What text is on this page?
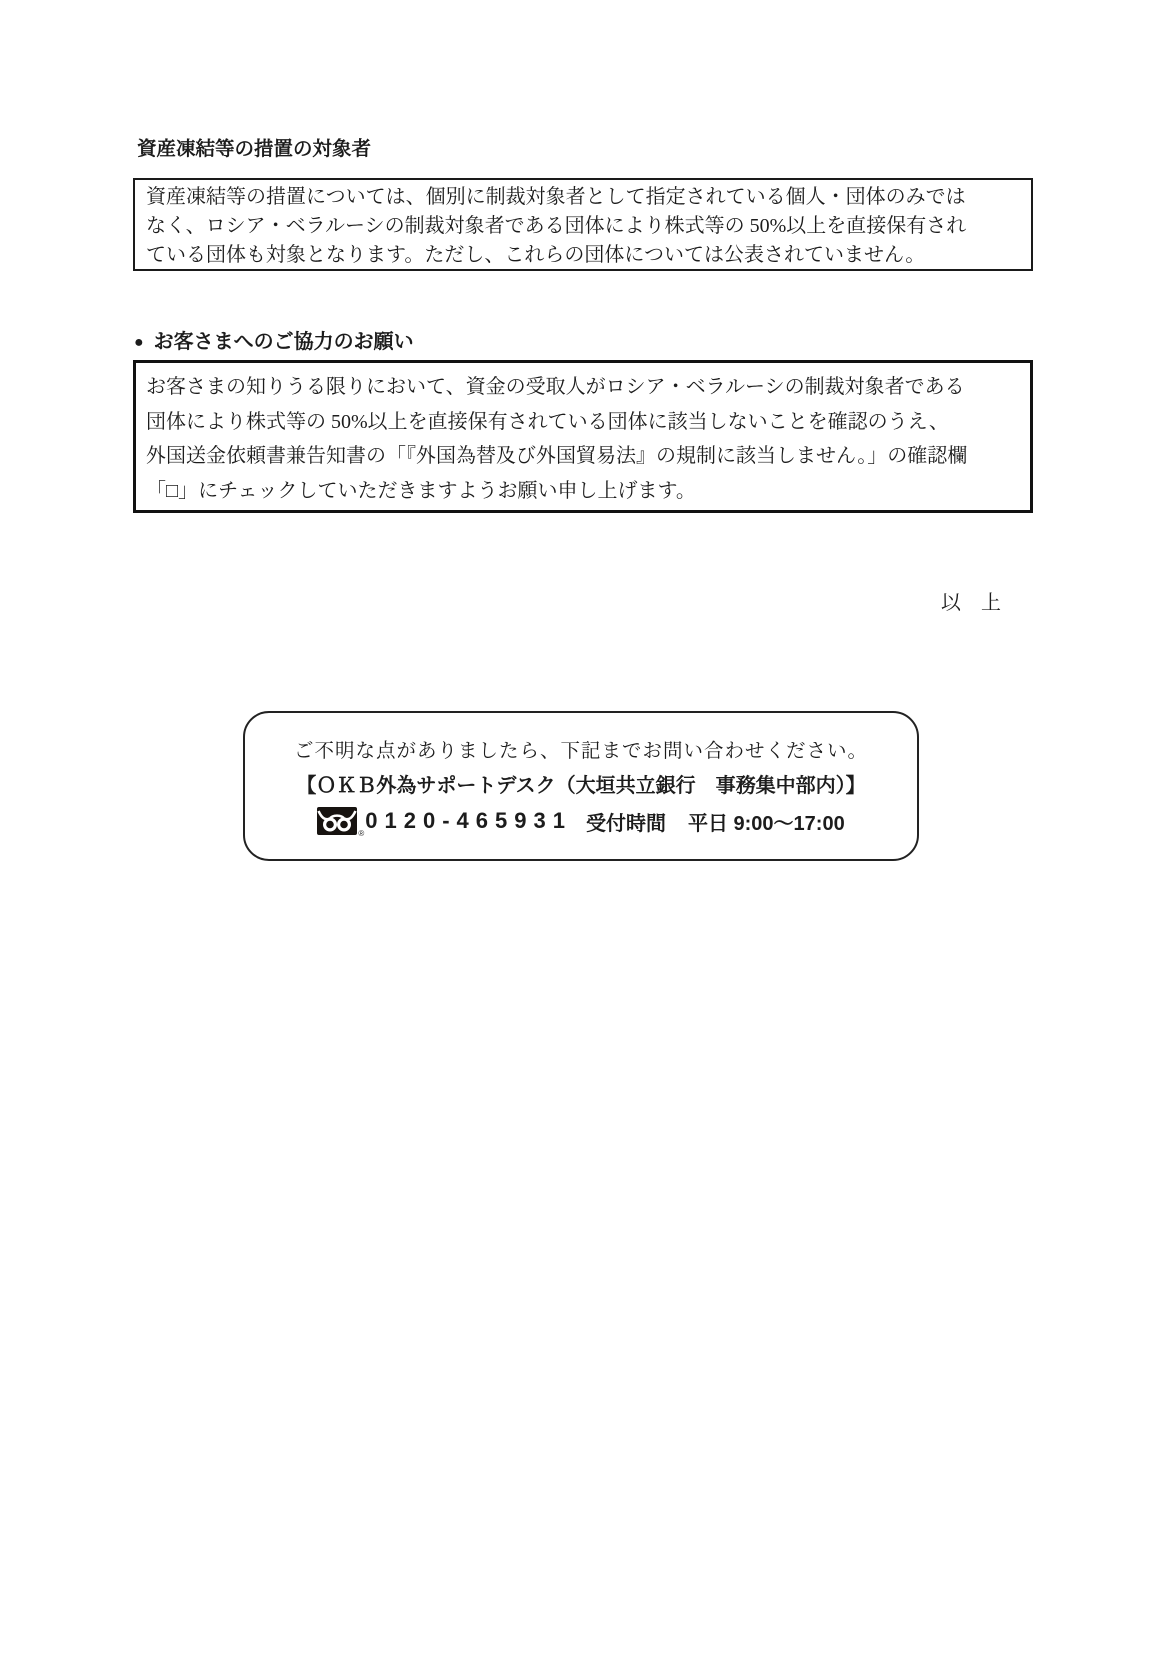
資産凍結等の措置の対象者
資産凍結等の措置については、個別に制裁対象者として指定されている個人・団体のみでは
なく、ロシア・ベラルーシの制裁対象者である団体により株式等の 50%以上を直接保有され
ている団体も対象となります。ただし、これらの団体については公表されていません。
● お客さまへのご協力のお願い
お客さまの知りうる限りにおいて、資金の受取人がロシア・ベラルーシの制裁対象者である
団体により株式等の 50%以上を直接保有されている団体に該当しないことを確認のうえ、
外国送金依頼書兼告知書の「『外国為替及び外国貿易法』の規制に該当しません。」の確認欄
「□」にチェックしていただきますようお願い申し上げます。
以　上
ご不明な点がありましたら、下記までお問い合わせください。
【ＯＫＢ外為サポートデスク（大垣共立銀行　事務集中部内）】
®
0120-465931 受付時間 平日 9:00～17:00
